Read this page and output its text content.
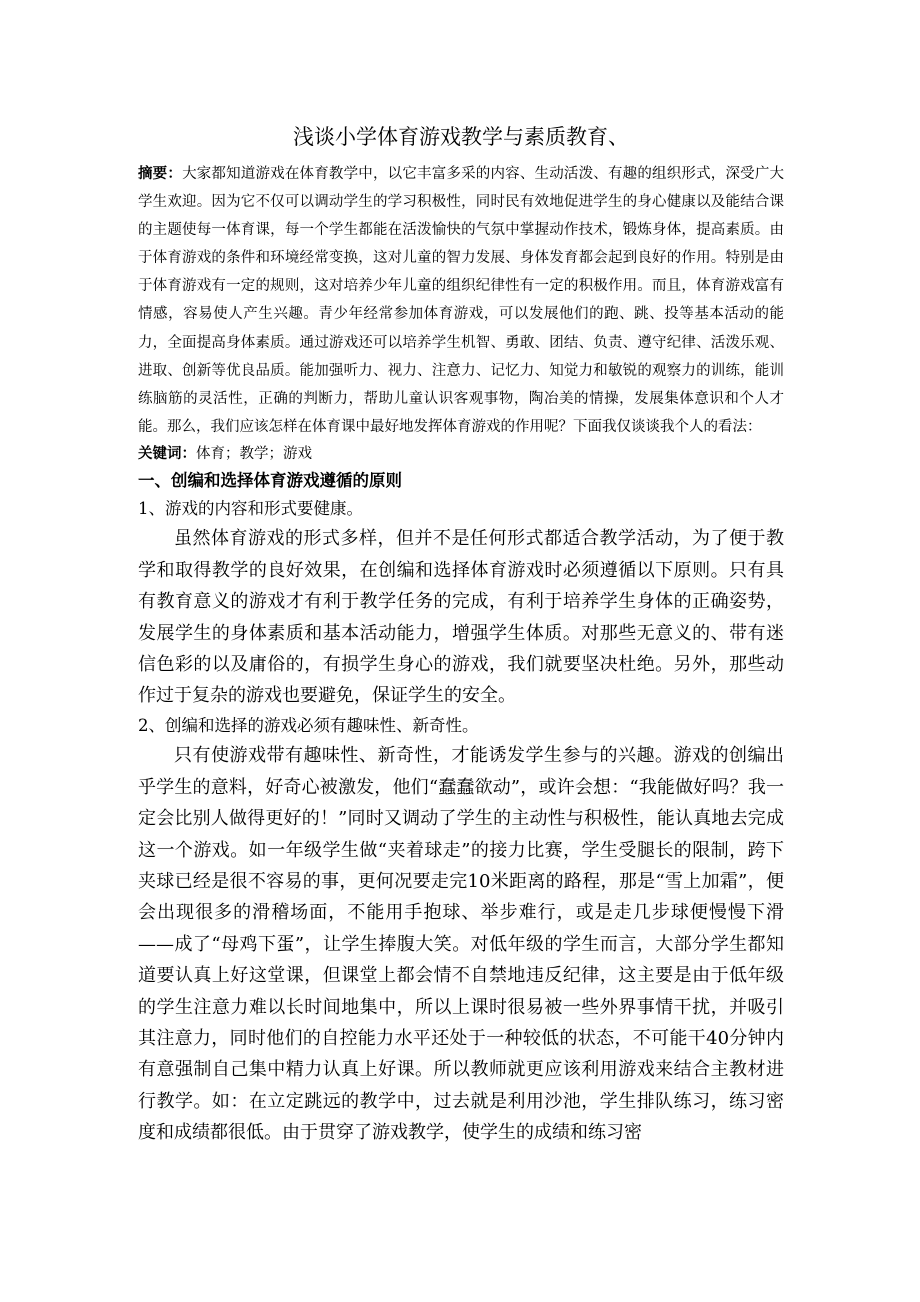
浅谈小学体育游戏教学与素质教育、

摘要：大家都知道游戏在体育教学中，以它丰富多采的内容、生动活泼、有趣的组织形式，深受广大学生欢迎。因为它不仅可以调动学生的学习积极性，同时民有效地促进学生的身心健康以及能结合课的主题使每一体育课，每一个学生都能在活泼愉快的气氛中掌握动作技术，锻炼身体，提高素质。由于体育游戏的条件和环境经常变换，这对儿童的智力发展、身体发育都会起到良好的作用。特别是由于体育游戏有一定的规则，这对培养少年儿童的组织纪律性有一定的积极作用。而且，体育游戏富有情感，容易使人产生兴趣。青少年经常参加体育游戏，可以发展他们的跑、跳、投等基本活动的能力，全面提高身体素质。通过游戏还可以培养学生机智、勇敢、团结、负责、遵守纪律、活泼乐观、进取、创新等优良品质。能加强听力、视力、注意力、记忆力、知觉力和敏锐的观察力的训练，能训练脑筋的灵活性，正确的判断力，帮助儿童认识客观事物，陶冶美的情操，发展集体意识和个人才能。那么，我们应该怎样在体育课中最好地发挥体育游戏的作用呢？下面我仅谈谈我个人的看法：

关键词：体育；教学；游戏

一、创编和选择体育游戏遵循的原则

1、游戏的内容和形式要健康。

虽然体育游戏的形式多样，但并不是任何形式都适合教学活动，为了便于教学和取得教学的良好效果，在创编和选择体育游戏时必须遵循以下原则。只有具有教育意义的游戏才有利于教学任务的完成，有利于培养学生身体的正确姿势，发展学生的身体素质和基本活动能力，增强学生体质。对那些无意义的、带有迷信色彩的以及庸俗的，有损学生身心的游戏，我们就要坚决杜绝。另外，那些动作过于复杂的游戏也要避免，保证学生的安全。

2、创编和选择的游戏必须有趣味性、新奇性。

只有使游戏带有趣味性、新奇性，才能诱发学生参与的兴趣。游戏的创编出乎学生的意料，好奇心被激发，他们“蠢蠢欲动”，或许会想：“我能做好吗？我一定会比别人做得更好的！”同时又调动了学生的主动性与积极性，能认真地去完成这一个游戏。如一年级学生做“夹着球走”的接力比赛，学生受腿长的限制，跨下夹球已经是很不容易的事，更何况要走完10米距离的路程，那是“雪上加霜”，便会出现很多的滑稽场面，不能用手抱球、举步难行，或是走几步球便慢慢下滑——成了“母鸡下蛋”，让学生捧腹大笑。对低年级的学生而言，大部分学生都知道要认真上好这堂课，但课堂上都会情不自禁地违反纪律，这主要是由于低年级的学生注意力难以长时间地集中，所以上课时很易被一些外界事情干扰，并吸引其注意力，同时他们的自控能力水平还处于一种较低的状态，不可能干40分钟内有意强制自己集中精力认真上好课。所以教师就更应该利用游戏来结合主教材进行教学。如：在立定跳远的教学中，过去就是利用沙池，学生排队练习，练习密度和成绩都很低。由于贯穿了游戏教学，使学生的成绩和练习密
